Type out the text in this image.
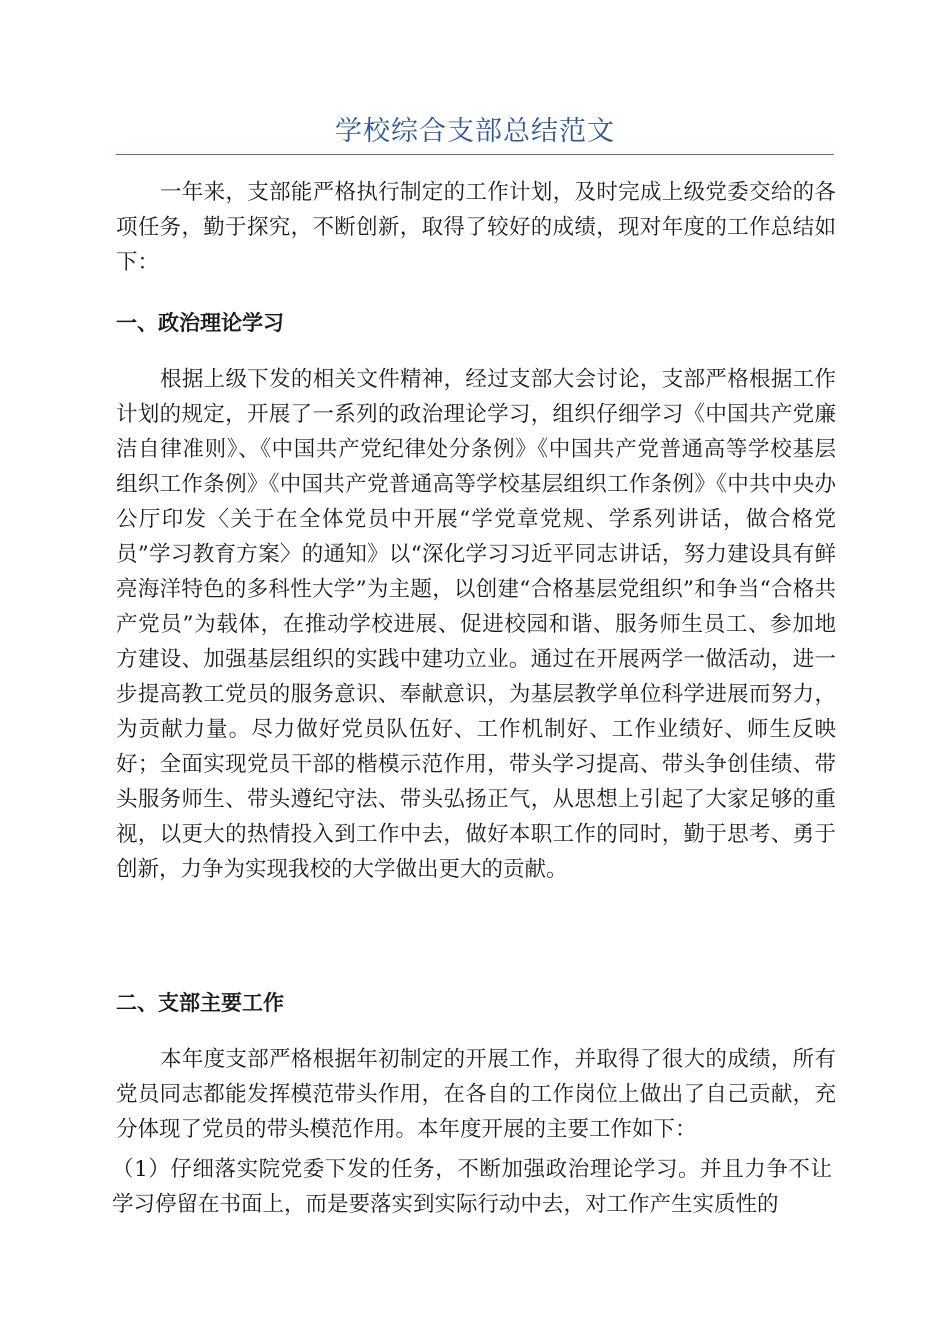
学校综合支部总结范文

一年来，支部能严格执行制定的工作计划，及时完成上级党委交给的各项任务，勤于探究，不断创新，取得了较好的成绩，现对年度的工作总结如下：

一、政治理论学习

根据上级下发的相关文件精神，经过支部大会讨论，支部严格根据工作计划的规定，开展了一系列的政治理论学习，组织仔细学习《中国共产党廉洁自律准则》、《中国共产党纪律处分条例》《中国共产党普通高等学校基层组织工作条例》《中国共产党普通高等学校基层组织工作条例》《中共中央办公厅印发〈关于在全体党员中开展“学党章党规、学系列讲话，做合格党员”学习教育方案〉的通知》以“深化学习习近平同志讲话，努力建设具有鲜亮海洋特色的多科性大学”为主题，以创建“合格基层党组织”和争当“合格共产党员”为载体，在推动学校进展、促进校园和谐、服务师生员工、参加地方建设、加强基层组织的实践中建功立业。通过在开展两学一做活动，进一步提高教工党员的服务意识、奉献意识，为基层教学单位科学进展而努力，为贡献力量。尽力做好党员队伍好、工作机制好、工作业绩好、师生反映好；全面实现党员干部的楷模示范作用，带头学习提高、带头争创佳绩、带头服务师生、带头遵纪守法、带头弘扬正气，从思想上引起了大家足够的重视，以更大的热情投入到工作中去，做好本职工作的同时，勤于思考、勇于创新，力争为实现我校的大学做出更大的贡献。

二、支部主要工作

本年度支部严格根据年初制定的开展工作，并取得了很大的成绩，所有党员同志都能发挥模范带头作用，在各自的工作岗位上做出了自己贡献，充分体现了党员的带头模范作用。本年度开展的主要工作如下：

（1）仔细落实院党委下发的任务，不断加强政治理论学习。并且力争不让学习停留在书面上，而是要落实到实际行动中去，对工作产生实质性的
